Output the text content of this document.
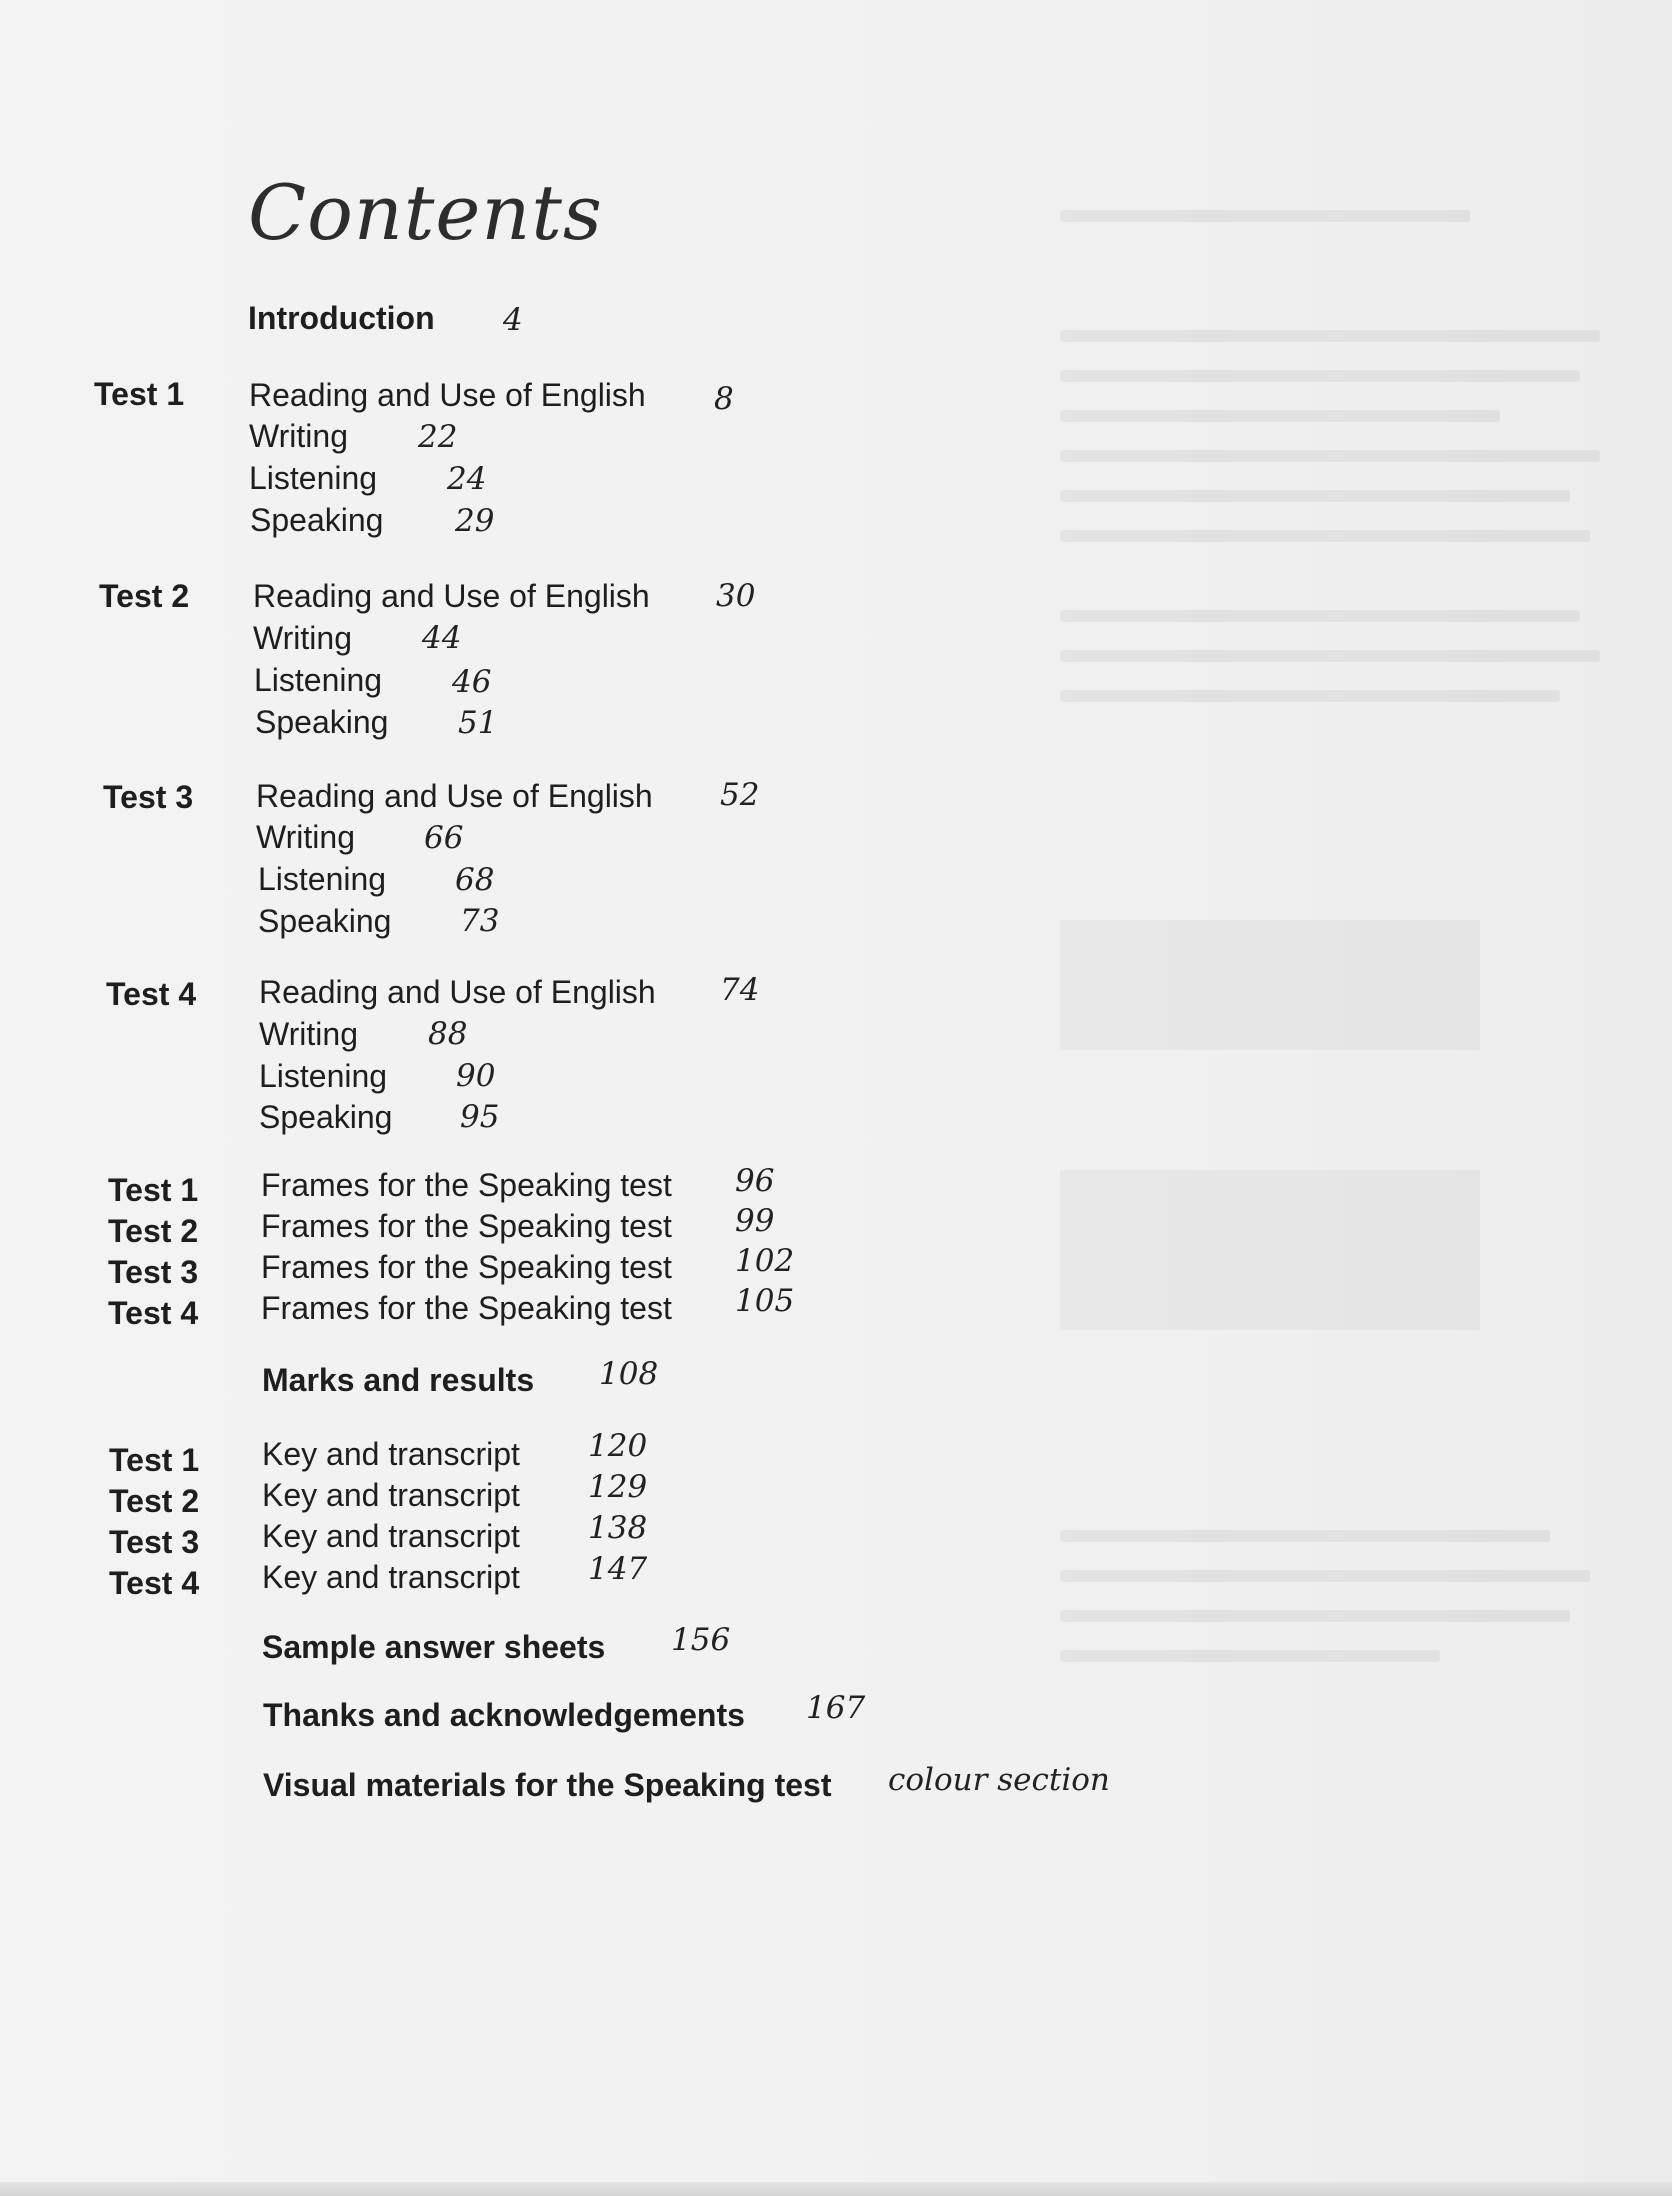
Contents
Introduction 4
Test 1 Reading and Use of English 8
Writing 22
Listening 24
Speaking 29
Test 2 Reading and Use of English 30
Writing 44
Listening 46
Speaking 51
Test 3 Reading and Use of English 52
Writing 66
Listening 68
Speaking 73
Test 4 Reading and Use of English 74
Writing 88
Listening 90
Speaking 95
Test 1 Frames for the Speaking test 96
Test 2 Frames for the Speaking test 99
Test 3 Frames for the Speaking test 102
Test 4 Frames for the Speaking test 105
Marks and results 108
Test 1 Key and transcript 120
Test 2 Key and transcript 129
Test 3 Key and transcript 138
Test 4 Key and transcript 147
Sample answer sheets 156
Thanks and acknowledgements 167
Visual materials for the Speaking test colour section
